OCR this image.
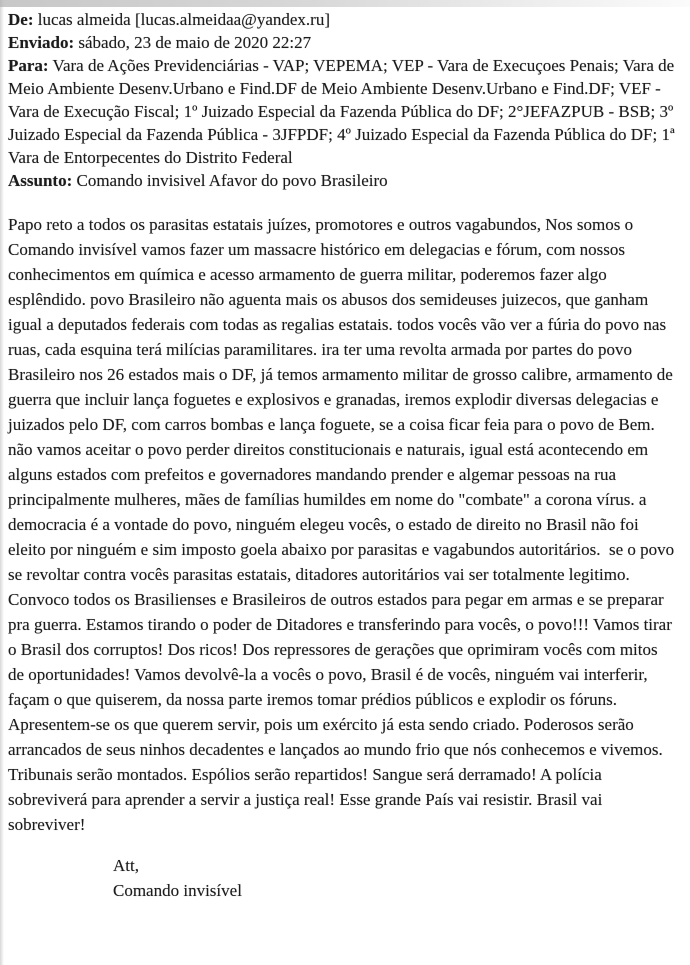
De: lucas almeida [lucas.almeidaa@yandex.ru]

Enviado: sábado, 23 de maio de 2020 22:27

Para: Vara de Ações Previdenciárias - VAP; VEPEMA; VEP - Vara de Execuçoes Penais; Vara de Meio Ambiente Desenv.Urbano e Find.DF de Meio Ambiente Desenv.Urbano e Find.DF; VEF - Vara de Execução Fiscal; 1º Juizado Especial da Fazenda Pública do DF; 2°JEFAZPUB - BSB; 3º Juizado Especial da Fazenda Pública - 3JFPDF; 4º Juizado Especial da Fazenda Pública do DF; 1ª Vara de Entorpecentes do Distrito Federal

Assunto: Comando invisivel Afavor do povo Brasileiro

Papo reto a todos os parasitas estatais juízes, promotores e outros vagabundos, Nos somos o Comando invisível vamos fazer um massacre histórico em delegacias e fórum, com nossos conhecimentos em química e acesso armamento de guerra militar, poderemos fazer algo esplêndido. povo Brasileiro não aguenta mais os abusos dos semideuses juizecos, que ganham igual a deputados federais com todas as regalias estatais. todos vocês vão ver a fúria do povo nas ruas, cada esquina terá milícias paramilitares. ira ter uma revolta armada por partes do povo Brasileiro nos 26 estados mais o DF, já temos armamento militar de grosso calibre, armamento de guerra que incluir lança foguetes e explosivos e granadas, iremos explodir diversas delegacias e juizados pelo DF, com carros bombas e lança foguete, se a coisa ficar feia para o povo de Bem. não vamos aceitar o povo perder direitos constitucionais e naturais, igual está acontecendo em alguns estados com prefeitos e governadores mandando prender e algemar pessoas na rua principalmente mulheres, mães de famílias humildes em nome do "combate" a corona vírus. a democracia é a vontade do povo, ninguém elegeu vocês, o estado de direito no Brasil não foi eleito por ninguém e sim imposto goela abaixo por parasitas e vagabundos autoritários.  se o povo se revoltar contra vocês parasitas estatais, ditadores autoritários vai ser totalmente legitimo. Convoco todos os Brasilienses e Brasileiros de outros estados para pegar em armas e se preparar pra guerra. Estamos tirando o poder de Ditadores e transferindo para vocês, o povo!!! Vamos tirar o Brasil dos corruptos! Dos ricos! Dos repressores de gerações que oprimiram vocês com mitos de oportunidades! Vamos devolvê-la a vocês o povo, Brasil é de vocês, ninguém vai interferir, façam o que quiserem, da nossa parte iremos tomar prédios públicos e explodir os fóruns.  Apresentem-se os que querem servir, pois um exército já esta sendo criado. Poderosos serão arrancados de seus ninhos decadentes e lançados ao mundo frio que nós conhecemos e vivemos. Tribunais serão montados. Espólios serão repartidos! Sangue será derramado! A polícia sobreviverá para aprender a servir a justiça real! Esse grande País vai resistir. Brasil vai sobreviver!

Att,
Comando invisível
